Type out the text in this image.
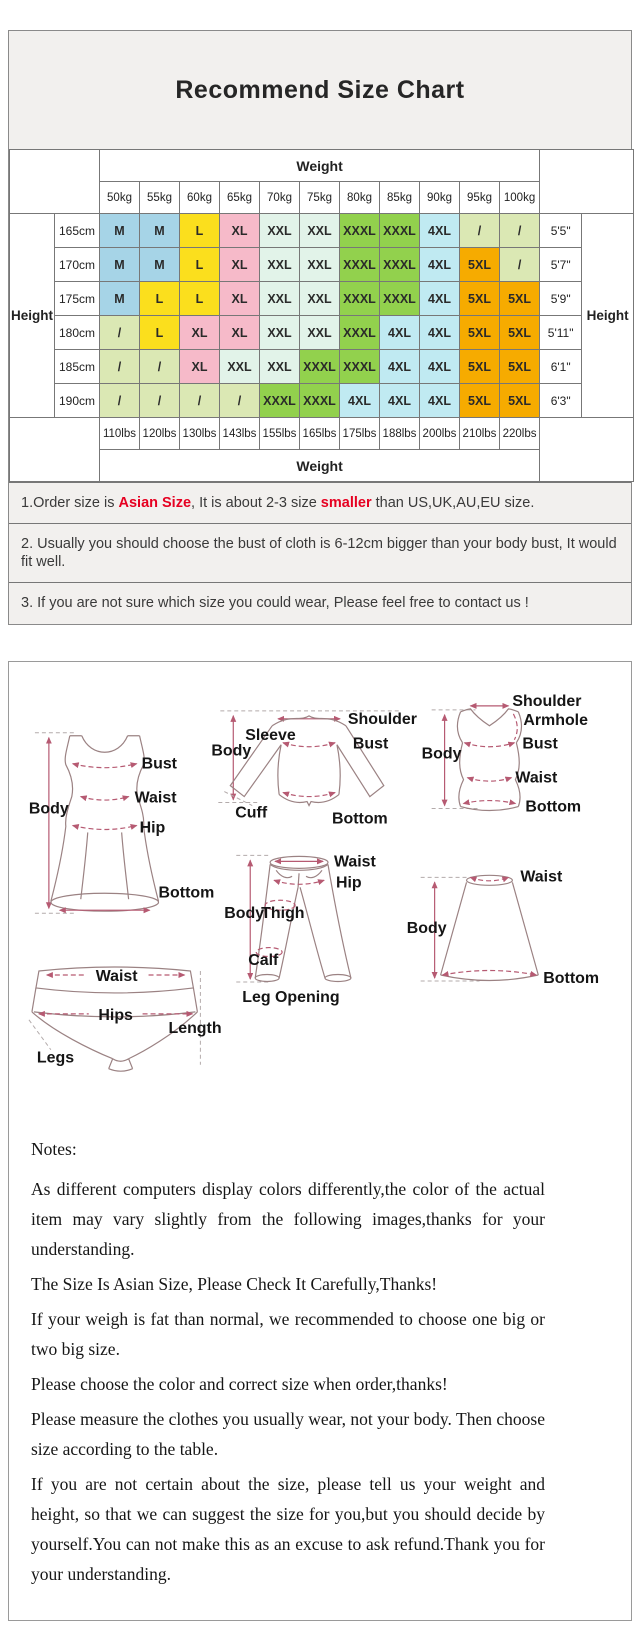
Recommend Size Chart
		Weight												
		50kg	55kg	60kg	65kg	70kg	75kg	80kg	85kg	90kg	95kg	100kg		
Height	165cm	M	M	L	XL	XXL	XXL	XXXL	XXXL	4XL	/	/	5'5"	Height
	170cm	M	M	L	XL	XXL	XXL	XXXL	XXXL	4XL	5XL	/	5'7"	
	175cm	M	L	L	XL	XXL	XXL	XXXL	XXXL	4XL	5XL	5XL	5'9"	
	180cm	/	L	XL	XL	XXL	XXL	XXXL	4XL	4XL	5XL	5XL	5'11"	
	185cm	/	/	XL	XXL	XXL	XXXL	XXXL	4XL	4XL	5XL	5XL	6'1"	
	190cm	/	/	/	/	XXXL	XXXL	4XL	4XL	4XL	5XL	5XL	6'3"	
		110lbs	120lbs	130lbs	143lbs	155lbs	165lbs	175lbs	188lbs	200lbs	210lbs	220lbs		
		Weight												
1.Order size is Asian Size, It is about 2-3 size smaller than US,UK,AU,EU size.
2. Usually you should choose the bust of cloth is 6-12cm bigger than your body bust, It would fit well.
3. If you are not sure which size you could wear, Please feel free to contact us !
Body
Bust
Waist
Hip
Bottom
Shoulder
Sleeve
Body	Bust
Cuff	Bottom
Shoulder
Armhole
Body
Bust
Waist
Bottom
Waist
Hip
Body
Thigh
Calf
Leg Opening
Waist
Body
Bottom
Waist
Hips
Legs
Length

Notes:

As different computers display colors differently,the color of the actual item may vary slightly from the following images,thanks for your understanding.

The Size Is Asian Size, Please Check It Carefully,Thanks!

If your weigh is fat than normal, we recommended to choose one big or two big size.

Please choose the color and correct size when order,thanks!

Please measure the clothes you usually wear, not your body. Then choose size according to the table.

If you are not certain about the size, please tell us your weight and height, so that we can suggest the size for you,but you should decide by yourself.You can not make this as an excuse to ask refund.Thank you for your understanding.
